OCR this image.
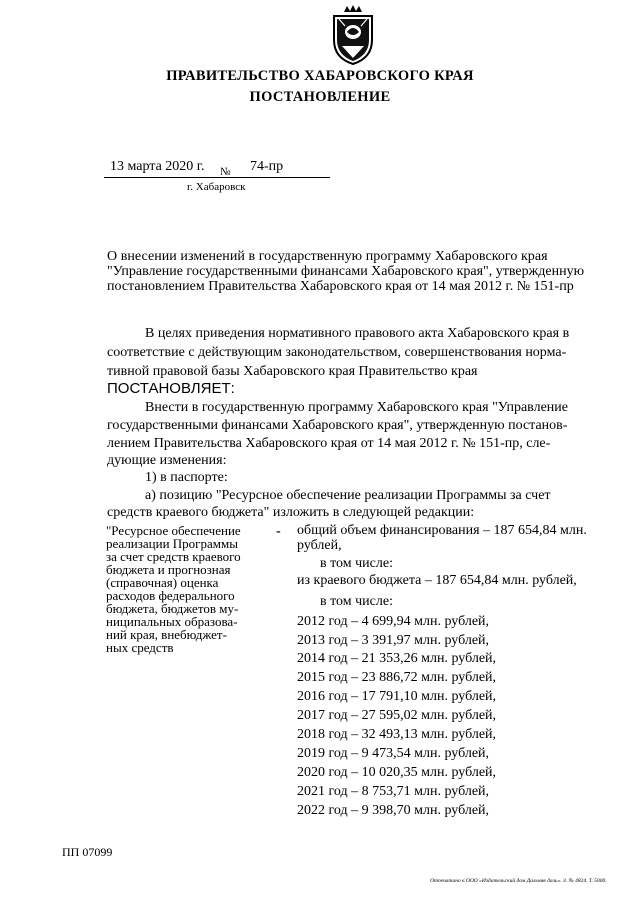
ПРАВИТЕЛЬСТВО ХАБАРОВСКОГО КРАЯ
ПОСТАНОВЛЕНИЕ
13 марта 2020 г. № 74-пр
г. Хабаровск
О внесении изменений в государственную программу Хабаровского края
"Управление государственными финансами Хабаровского края", утвержденную
постановлением Правительства Хабаровского края от 14 мая 2012 г. № 151-пр
В целях приведения нормативного правового акта Хабаровского края в
соответствие с действующим законодательством, совершенствования норма-
тивной правовой базы Хабаровского края Правительство края
ПОСТАНОВЛЯЕТ:
Внести в государственную программу Хабаровского края "Управление
государственными финансами Хабаровского края", утвержденную постанов-
лением Правительства Хабаровского края от 14 мая 2012 г. № 151-пр, сле-
дующие изменения:
1) в паспорте:
а) позицию "Ресурсное обеспечение реализации Программы за счет
средств краевого бюджета" изложить в следующей редакции:
"Ресурсное обеспечение
реализации Программы
за счет средств краевого
бюджета и прогнозная
(справочная) оценка
расходов федерального
бюджета, бюджетов му-
ниципальных образова-
ний края, внебюджет-
ных средств
- общий объем финансирования – 187 654,84 млн.
рублей,
в том числе:
из краевого бюджета – 187 654,84 млн. рублей,
в том числе:
2012 год – 4 699,94 млн. рублей,
2013 год – 3 391,97 млн. рублей,
2014 год – 21 353,26 млн. рублей,
2015 год – 23 886,72 млн. рублей,
2016 год – 17 791,10 млн. рублей,
2017 год – 27 595,02 млн. рублей,
2018 год – 32 493,13 млн. рублей,
2019 год – 9 473,54 млн. рублей,
2020 год – 10 020,35 млн. рублей,
2021 год – 8 753,71 млн. рублей,
2022 год – 9 398,70 млн. рублей,
ПП 07099
Отпечатано в ООО «Издательский дом Дальняя даль». З. № 4824. Т. 5000.
